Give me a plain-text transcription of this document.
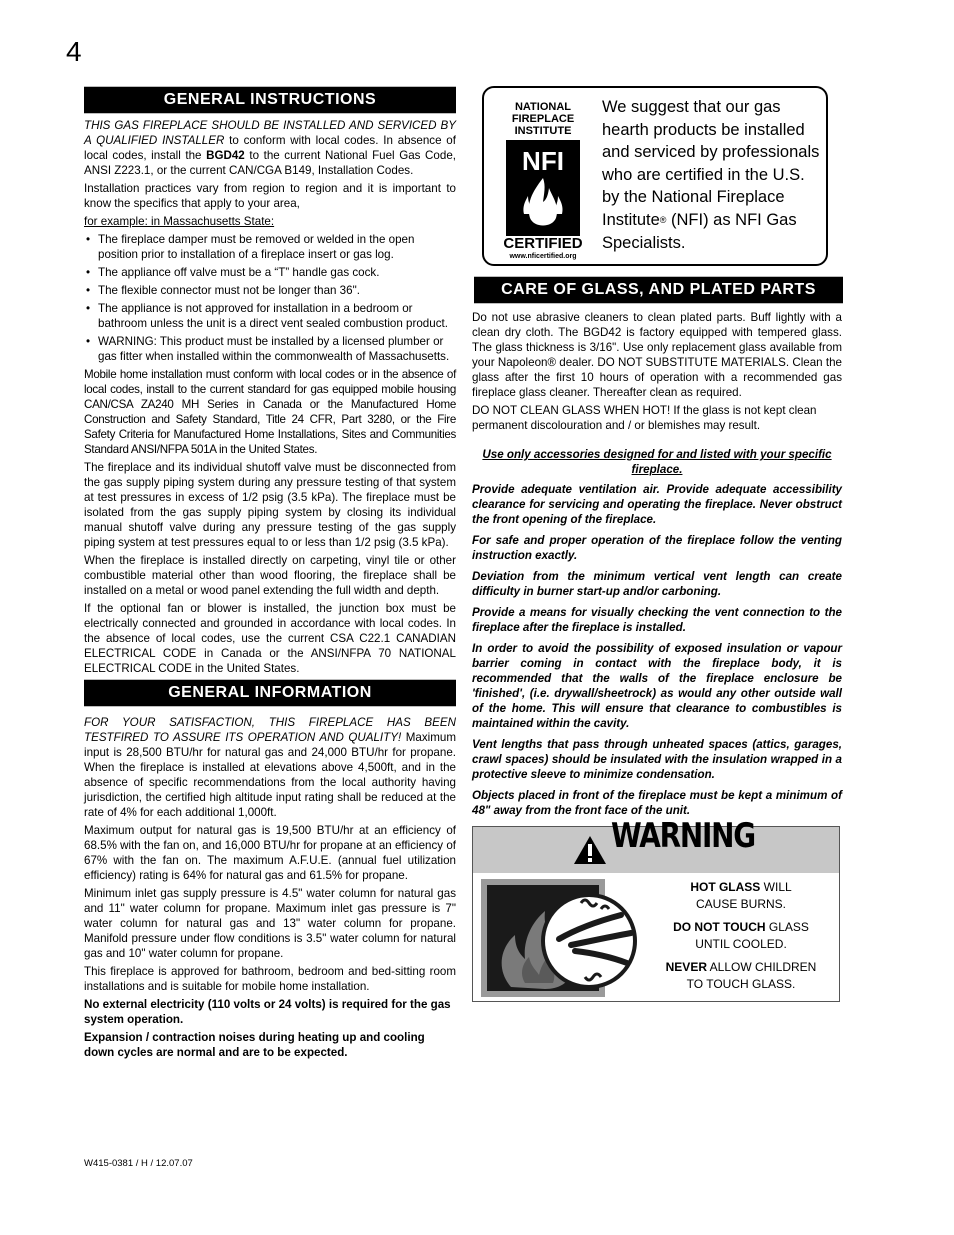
4
GENERAL INSTRUCTIONS

THIS GAS FIREPLACE SHOULD BE INSTALLED AND SERVICED BY A QUALIFIED INSTALLER to conform with local codes. In absence of local codes, install the BGD42 to the current National Fuel Gas Code, ANSI Z223.1, or the current CAN/CGA B149, Installation Codes.

Installation practices vary from region to region and it is important to know the specifics that apply to your area,

for example: in Massachusetts State:

• The fireplace damper must be removed or welded in the open position prior to installation of a fireplace insert or gas log.
• The appliance off valve must be a “T” handle gas cock.
• The flexible connector must not be longer than 36".
• The appliance is not approved for installation in a bedroom or bathroom unless the unit is a direct vent sealed combustion product.
• WARNING: This product must be installed by a licensed plumber or gas fitter when installed within the commonwealth of Massachusetts.

Mobile home installation must conform with local codes or in the absence of local codes, install to the current standard for gas equipped mobile housing CAN/CSA ZA240 MH Series in Canada or the Manufactured Home Construction and Safety Standard, Title 24 CFR, Part 3280, or the Fire Safety Criteria for Manufactured Home Installations, Sites and Communities Standard ANSI/NFPA 501A in the United States.

The fireplace and its individual shutoff valve must be disconnected from the gas supply piping system during any pressure testing of that system at test pressures in excess of 1/2 psig (3.5 kPa). The fireplace must be isolated from the gas supply piping system by closing its individual manual shutoff valve during any pressure testing of the gas supply piping system at test pressures equal to or less than 1/2 psig (3.5 kPa).

When the fireplace is installed directly on carpeting, vinyl tile or other combustible material other than wood flooring, the fireplace shall be installed on a metal or wood panel extending the full width and depth.

If the optional fan or blower is installed, the junction box must be electrically connected and grounded in accordance with local codes. In the absence of local codes, use the current CSA C22.1 CANADIAN ELECTRICAL CODE in Canada or the ANSI/NFPA 70 NATIONAL ELECTRICAL CODE in the United States.

GENERAL INFORMATION

FOR YOUR SATISFACTION, THIS FIREPLACE HAS BEEN TESTFIRED TO ASSURE ITS OPERATION AND QUALITY! Maximum input is 28,500 BTU/hr for natural gas and 24,000 BTU/hr for propane. When the fireplace is installed at elevations above 4,500ft, and in the absence of specific recommendations from the local authority having jurisdiction, the certified high altitude input rating shall be reduced at the rate of 4% for each additional 1,000ft.

Maximum output for natural gas is 19,500 BTU/hr at an efficiency of 68.5% with the fan on, and 16,000 BTU/hr for propane at an efficiency of 67% with the fan on. The maximum A.F.U.E. (annual fuel utilization efficiency) rating is 64% for natural gas and 61.5% for propane.

Minimum inlet gas supply pressure is 4.5" water column for natural gas and 11" water column for propane. Maximum inlet gas pressure is 7" water column for natural gas and 13" water column for propane. Manifold pressure under flow conditions is 3.5" water column for natural gas and 10" water column for propane.

This fireplace is approved for bathroom, bedroom and bed-sitting room installations and is suitable for mobile home installation.

No external electricity (110 volts or 24 volts) is required for the gas system operation.

Expansion / contraction noises during heating up and cooling down cycles are normal and are to be expected.

NATIONAL
FIREPLACE
INSTITUTE
NFI
CERTIFIED
www.nficertified.org
We suggest that our gas hearth products be installed and serviced by professionals who are certified in the U.S. by the National Fireplace Institute® (NFI) as NFI Gas Specialists.
CARE OF GLASS, AND PLATED PARTS

Do not use abrasive cleaners to clean plated parts. Buff lightly with a clean dry cloth. The BGD42 is factory equipped with tempered glass. The glass thickness is 3/16". Use only replacement glass available from your Napoleon® dealer. DO NOT SUBSTITUTE MATERIALS. Clean the glass after the first 10 hours of operation with a recommended gas fireplace glass cleaner. Thereafter clean as required.

DO NOT CLEAN GLASS WHEN HOT! If the glass is not kept clean permanent discolouration and / or blemishes may result.

Use only accessories designed for and listed with your specific fireplace.

Provide adequate ventilation air. Provide adequate accessibility clearance for servicing and operating the fireplace. Never obstruct the front opening of the fireplace.

For safe and proper operation of the fireplace follow the venting instruction exactly.

Deviation from the minimum vertical vent length can create difficulty in burner start-up and/or carboning.

Provide a means for visually checking the vent connection to the fireplace after the fireplace is installed.

In order to avoid the possibility of exposed insulation or vapour barrier coming in contact with the fireplace body, it is recommended that the walls of the fireplace enclosure be 'finished', (i.e. drywall/sheetrock) as would any other outside wall of the home. This will ensure that clearance to combustibles is maintained within the cavity.

Vent lengths that pass through unheated spaces (attics, garages, crawl spaces) should be insulated with the insulation wrapped in a protective sleeve to minimize condensation.

Objects placed in front of the fireplace must be kept a minimum of 48" away from the front face of the unit.

WARNING
HOT GLASS WILL
CAUSE BURNS.
DO NOT TOUCH GLASS
UNTIL COOLED.
NEVER ALLOW CHILDREN
TO TOUCH GLASS.
W415-0381 / H / 12.07.07
